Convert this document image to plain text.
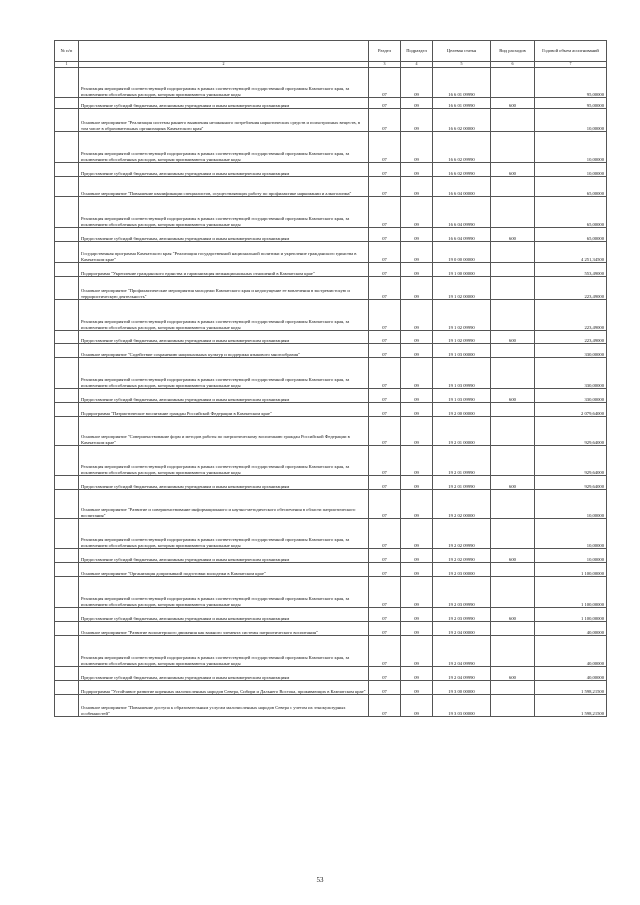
№ п/п		Раздел	Подраздел	Целевая статья	Вид расходов	Годовой объем ассигнований
1	2	3	4	5	6	7
	Реализация мероприятий соответствующей подпрограммы в рамках соответствующей государственной программы Камчатского края, за исключением обособленных расходов, которым присваиваются уникальные коды	07	09	16 6 01 09990		95,00000
	Предоставление субсидий бюджетным, автономным учреждениям и иным некоммерческим организациям	07	09	16 6 01 09990	600	95,00000
	Основное мероприятие "Реализация системы раннего выявления незаконного потребления наркотических средств и психотропных веществ, в том числе в образовательных организациях Камчатского края"	07	09	16 6 02 00000		10,00000
	Реализация мероприятий соответствующей подпрограммы в рамках соответствующей государственной программы Камчатского края, за исключением обособленных расходов, которым присваиваются уникальные коды	07	09	16 6 02 09990		10,00000
	Предоставление субсидий бюджетным, автономным учреждениям и иным некоммерческим организациям	07	09	16 6 02 09990	600	10,00000
	Основное мероприятие "Повышение квалификации специалистов, осуществляющих работу по профилактике наркомании и алкоголизма"	07	09	16 6 04 00000		65,00000
	Реализация мероприятий соответствующей подпрограммы в рамках соответствующей государственной программы Камчатского края, за исключением обособленных расходов, которым присваиваются уникальные коды	07	09	16 6 04 09990		65,00000
	Предоставление субсидий бюджетным, автономным учреждениям и иным некоммерческим организациям	07	09	16 6 04 09990	600	65,00000
	Государственная программа Камчатского края "Реализация государственной национальной политики и укрепление гражданского единства в Камчатском крае"	07	09	19 0 00 00000		4 251,34500
	Подпрограмма "Укрепление гражданского единства и гармонизация межнациональных отношений в Камчатском крае"	07	09	19 1 00 00000		553,49000
	Основное мероприятие "Профилактические мероприятия молодежи Камчатского края и недопущение ее вовлечения в экстремистскую и террористическую деятельность"	07	09	19 1 02 00000		223,49000
	Реализация мероприятий соответствующей подпрограммы в рамках соответствующей государственной программы Камчатского края, за исключением обособленных расходов, которым присваиваются уникальные коды	07	09	19 1 02 09990		223,49000
	Предоставление субсидий бюджетным, автономным учреждениям и иным некоммерческим организациям	07	09	19 1 02 09990	600	223,49000
	Основное мероприятие "Содействие сохранению национальных культур и поддержка языкового многообразия"	07	09	19 1 03 00000		330,00000
	Реализация мероприятий соответствующей подпрограммы в рамках соответствующей государственной программы Камчатского края, за исключением обособленных расходов, которым присваиваются уникальные коды	07	09	19 1 03 09990		330,00000
	Предоставление субсидий бюджетным, автономным учреждениям и иным некоммерческим организациям	07	09	19 1 03 09990	600	330,00000
	Подпрограмма "Патриотическое воспитание граждан Российской Федерации в Камчатском крае"	07	09	19 2 00 00000		2 079,64000
	Основное мероприятие "Совершенствование форм и методов работы по патриотическому воспитанию граждан Российской Федерации в Камчатском крае"	07	09	19 2 01 00000		929,64000
	Реализация мероприятий соответствующей подпрограммы в рамках соответствующей государственной программы Камчатского края, за исключением обособленных расходов, которым присваиваются уникальные коды	07	09	19 2 01 09990		929,64000
	Предоставление субсидий бюджетным, автономным учреждениям и иным некоммерческим организациям	07	09	19 2 01 09990	600	929,64000
	Основное мероприятие "Развитие и совершенствование информационного и научно-методического обеспечения в области патриотического воспитания"	07	09	19 2 02 00000		10,00000
	Реализация мероприятий соответствующей подпрограммы в рамках соответствующей государственной программы Камчатского края, за исключением обособленных расходов, которым присваиваются уникальные коды	07	09	19 2 02 09990		10,00000
	Предоставление субсидий бюджетным, автономным учреждениям и иным некоммерческим организациям	07	09	19 2 02 09990	600	10,00000
	Основное мероприятие "Организация допризывной подготовки молодежи в Камчатском крае"	07	09	19 2 03 00000		1 100,00000
	Реализация мероприятий соответствующей подпрограммы в рамках соответствующей государственной программы Камчатского края, за исключением обособленных расходов, которым присваиваются уникальные коды	07	09	19 2 03 09990		1 100,00000
	Предоставление субсидий бюджетным, автономным учреждениям и иным некоммерческим организациям	07	09	19 2 03 09990	600	1 100,00000
	Основное мероприятие "Развитие волонтерского движения как важного элемента системы патриотического воспитания"	07	09	19 2 04 00000		40,00000
	Реализация мероприятий соответствующей подпрограммы в рамках соответствующей государственной программы Камчатского края, за исключением обособленных расходов, которым присваиваются уникальные коды	07	09	19 2 04 09990		40,00000
	Предоставление субсидий бюджетным, автономным учреждениям и иным некоммерческим организациям	07	09	19 2 04 09990	600	40,00000
	Подпрограмма "Устойчивое развитие коренных малочисленных народов Севера, Сибири и Дальнего Востока, проживающих в Камчатском крае"	07	09	19 3 00 00000		1 598,21500
	Основное мероприятие "Повышение доступа к образовательным услугам малочисленных народов Севера с учетом их этнокультурных особенностей"	07	09	19 3 03 00000		1 598,21500
53
